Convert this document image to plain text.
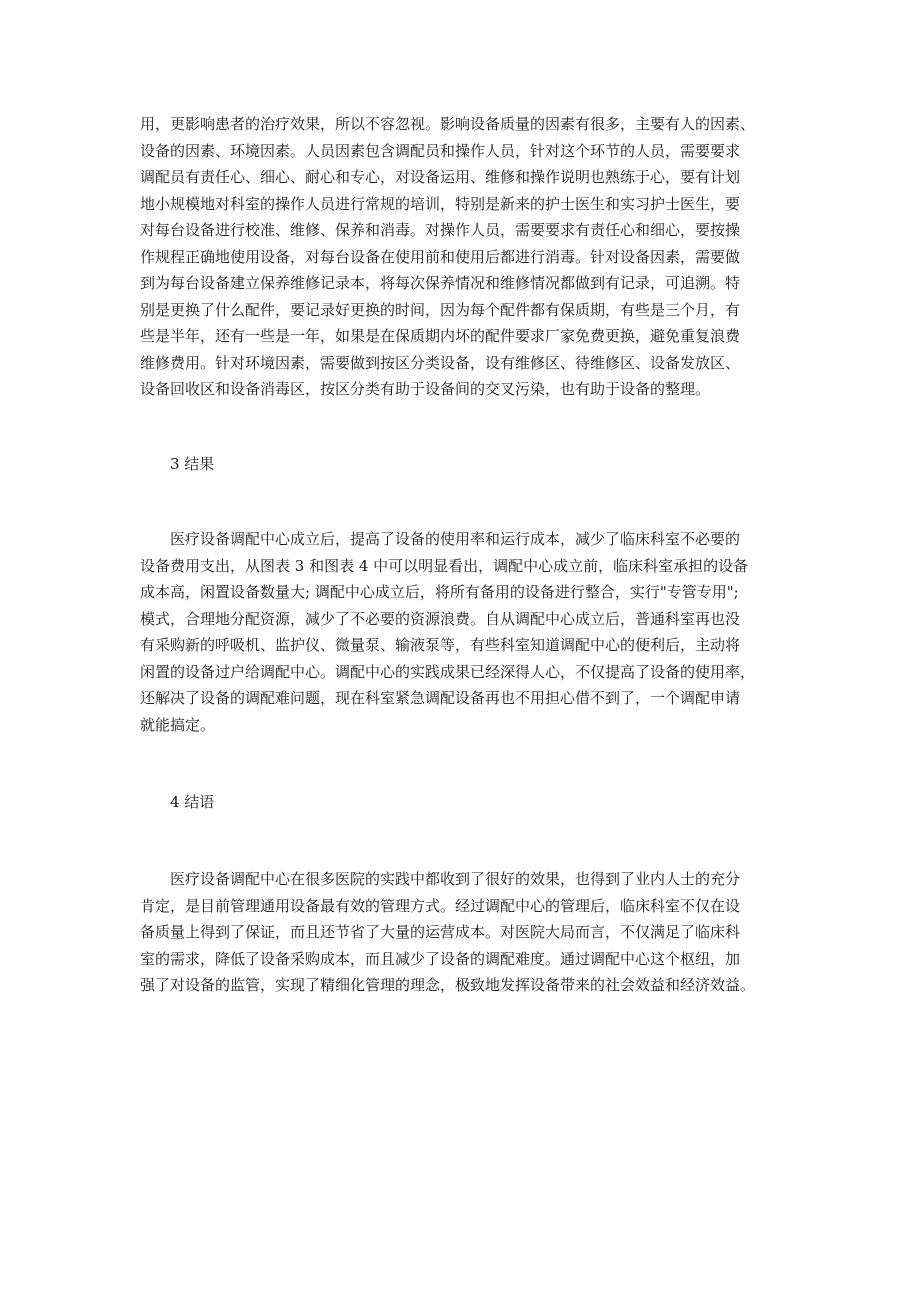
用，更影响患者的治疗效果，所以不容忽视。影响设备质量的因素有很多，主要有人的因素、
设备的因素、环境因素。人员因素包含调配员和操作人员，针对这个环节的人员，需要要求
调配员有责任心、细心、耐心和专心，对设备运用、维修和操作说明也熟练于心，要有计划
地小规模地对科室的操作人员进行常规的培训，特别是新来的护士医生和实习护士医生，要
对每台设备进行校准、维修、保养和消毒。对操作人员，需要要求有责任心和细心，要按操
作规程正确地使用设备，对每台设备在使用前和使用后都进行消毒。针对设备因素，需要做
到为每台设备建立保养维修记录本，将每次保养情况和维修情况都做到有记录，可追溯。特
别是更换了什么配件，要记录好更换的时间，因为每个配件都有保质期，有些是三个月，有
些是半年，还有一些是一年，如果是在保质期内坏的配件要求厂家免费更换，避免重复浪费
维修费用。针对环境因素，需要做到按区分类设备，设有维修区、待维修区、设备发放区、
设备回收区和设备消毒区，按区分类有助于设备间的交叉污染，也有助于设备的整理。
3 结果
医疗设备调配中心成立后，提高了设备的使用率和运行成本，减少了临床科室不必要的
设备费用支出，从图表 3 和图表 4 中可以明显看出，调配中心成立前，临床科室承担的设备
成本高，闲置设备数量大; 调配中心成立后，将所有备用的设备进行整合，实行"专管专用";
模式，合理地分配资源，减少了不必要的资源浪费。自从调配中心成立后，普通科室再也没
有采购新的呼吸机、监护仪、微量泵、输液泵等，有些科室知道调配中心的便利后，主动将
闲置的设备过户给调配中心。调配中心的实践成果已经深得人心，不仅提高了设备的使用率，
还解决了设备的调配难问题，现在科室紧急调配设备再也不用担心借不到了，一个调配申请
就能搞定。
4 结语
医疗设备调配中心在很多医院的实践中都收到了很好的效果，也得到了业内人士的充分
肯定，是目前管理通用设备最有效的管理方式。经过调配中心的管理后，临床科室不仅在设
备质量上得到了保证，而且还节省了大量的运营成本。对医院大局而言，不仅满足了临床科
室的需求，降低了设备采购成本，而且减少了设备的调配难度。通过调配中心这个枢纽，加
强了对设备的监管，实现了精细化管理的理念，极致地发挥设备带来的社会效益和经济效益。
